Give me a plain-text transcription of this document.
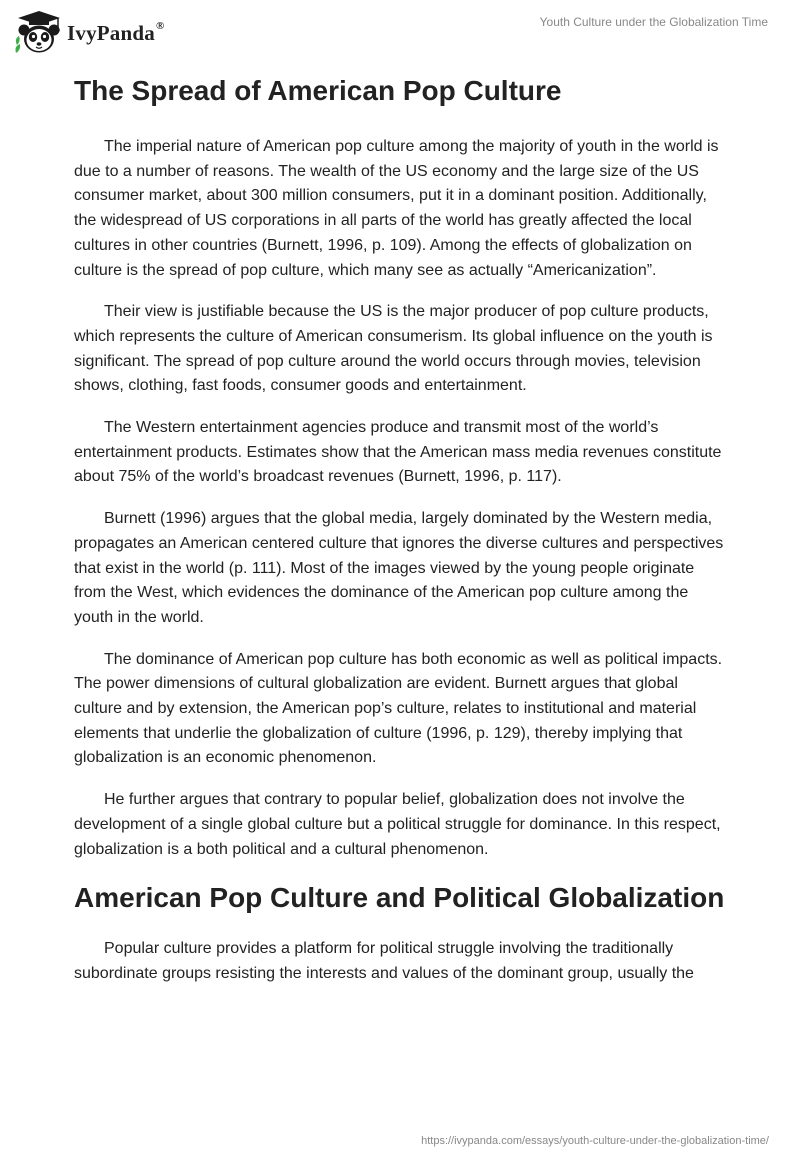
IvyPanda®	Youth Culture under the Globalization Time
The Spread of American Pop Culture

The imperial nature of American pop culture among the majority of youth in the world is due to a number of reasons. The wealth of the US economy and the large size of the US consumer market, about 300 million consumers, put it in a dominant position. Additionally, the widespread of US corporations in all parts of the world has greatly affected the local cultures in other countries (Burnett, 1996, p. 109). Among the effects of globalization on culture is the spread of pop culture, which many see as actually “Americanization”.

Their view is justifiable because the US is the major producer of pop culture products, which represents the culture of American consumerism. Its global influence on the youth is significant. The spread of pop culture around the world occurs through movies, television shows, clothing, fast foods, consumer goods and entertainment.

The Western entertainment agencies produce and transmit most of the world’s entertainment products. Estimates show that the American mass media revenues constitute about 75% of the world’s broadcast revenues (Burnett, 1996, p. 117).

Burnett (1996) argues that the global media, largely dominated by the Western media, propagates an American centered culture that ignores the diverse cultures and perspectives that exist in the world (p. 111). Most of the images viewed by the young people originate from the West, which evidences the dominance of the American pop culture among the youth in the world.

The dominance of American pop culture has both economic as well as political impacts. The power dimensions of cultural globalization are evident. Burnett argues that global culture and by extension, the American pop’s culture, relates to institutional and material elements that underlie the globalization of culture (1996, p. 129), thereby implying that globalization is an economic phenomenon.

He further argues that contrary to popular belief, globalization does not involve the development of a single global culture but a political struggle for dominance. In this respect, globalization is a both political and a cultural phenomenon.

American Pop Culture and Political Globalization

Popular culture provides a platform for political struggle involving the traditionally subordinate groups resisting the interests and values of the dominant group, usually the

https://ivypanda.com/essays/youth-culture-under-the-globalization-time/
